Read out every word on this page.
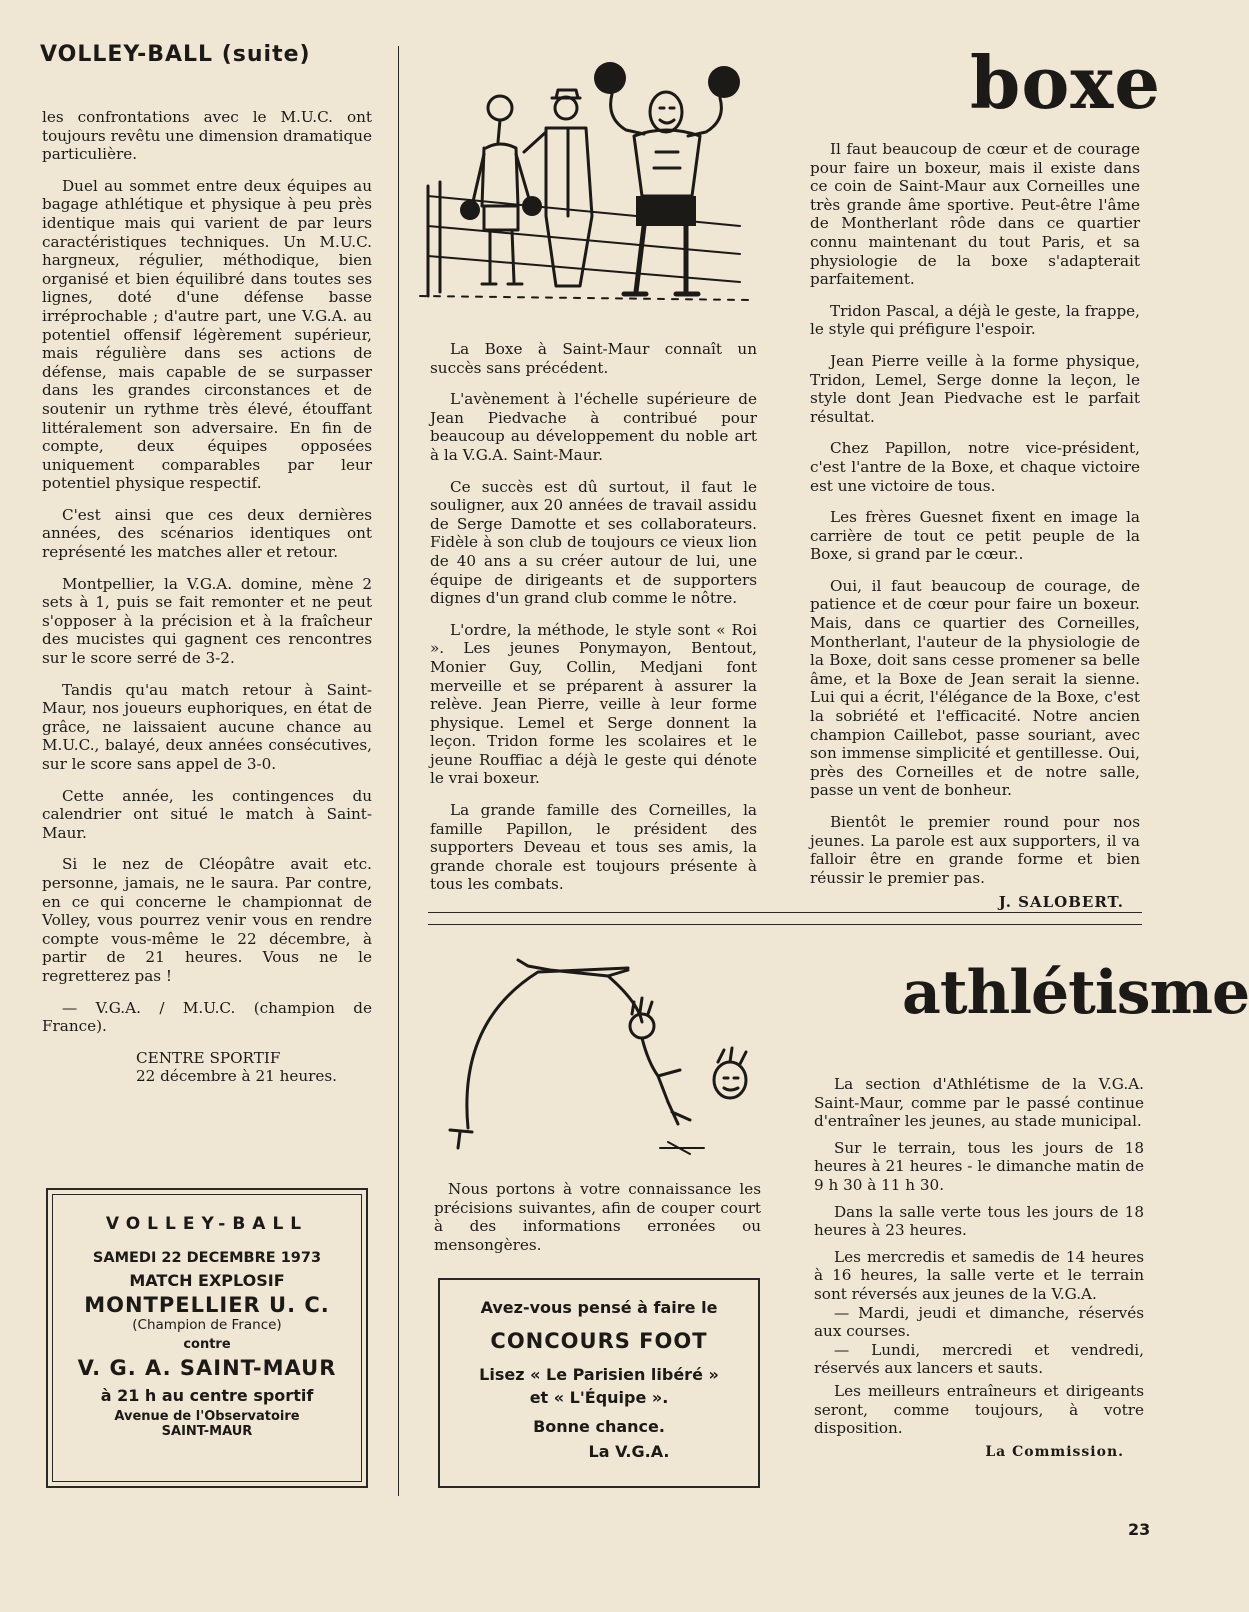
VOLLEY-BALL (suite)

les confrontations avec le M.U.C. ont toujours revêtu une dimension dramatique particulière.

Duel au sommet entre deux équipes au bagage athlétique et physique à peu près identique mais qui varient de par leurs caractéristiques techniques. Un M.U.C. hargneux, régulier, méthodique, bien organisé et bien équilibré dans toutes ses lignes, doté d'une défense basse irréprochable ; d'autre part, une V.G.A. au potentiel offensif légèrement supérieur, mais régulière dans ses actions de défense, mais capable de se surpasser dans les grandes circonstances et de soutenir un rythme très élevé, étouffant littéralement son adversaire. En fin de compte, deux équipes opposées uniquement comparables par leur potentiel physique respectif.

C'est ainsi que ces deux dernières années, des scénarios identiques ont représenté les matches aller et retour.

Montpellier, la V.G.A. domine, mène 2 sets à 1, puis se fait remonter et ne peut s'opposer à la précision et à la fraîcheur des mucistes qui gagnent ces rencontres sur le score serré de 3-2.

Tandis qu'au match retour à Saint-Maur, nos joueurs euphoriques, en état de grâce, ne laissaient aucune chance au M.U.C., balayé, deux années consécutives, sur le score sans appel de 3-0.

Cette année, les contingences du calendrier ont situé le match à Saint-Maur.

Si le nez de Cléopâtre avait etc. personne, jamais, ne le saura. Par contre, en ce qui concerne le championnat de Volley, vous pourrez venir vous en rendre compte vous-même le 22 décembre, à partir de 21 heures. Vous ne le regretterez pas !

— V.G.A. / M.U.C. (champion de France).

CENTRE SPORTIF
22 décembre à 21 heures.
VOLLEY-BALL
SAMEDI 22 DECEMBRE 1973
MATCH EXPLOSIF
MONTPELLIER U. C.
(Champion de France)
contre
V. G. A. SAINT-MAUR
à 21 h au centre sportif
Avenue de l'Observatoire
SAINT-MAUR
boxe

La Boxe à Saint-Maur connaît un succès sans précédent.

L'avènement à l'échelle supérieure de Jean Piedvache à contribué pour beaucoup au développement du noble art à la V.G.A. Saint-Maur.

Ce succès est dû surtout, il faut le souligner, aux 20 années de travail assidu de Serge Damotte et ses collaborateurs. Fidèle à son club de toujours ce vieux lion de 40 ans a su créer autour de lui, une équipe de dirigeants et de supporters dignes d'un grand club comme le nôtre.

L'ordre, la méthode, le style sont « Roi ». Les jeunes Ponymayon, Bentout, Monier Guy, Collin, Medjani font merveille et se préparent à assurer la relève. Jean Pierre, veille à leur forme physique. Lemel et Serge donnent la leçon. Tridon forme les scolaires et le jeune Rouffiac a déjà le geste qui dénote le vrai boxeur.

La grande famille des Corneilles, la famille Papillon, le président des supporters Deveau et tous ses amis, la grande chorale est toujours présente à tous les combats.

Il faut beaucoup de cœur et de courage pour faire un boxeur, mais il existe dans ce coin de Saint-Maur aux Corneilles une très grande âme sportive. Peut-être l'âme de Montherlant rôde dans ce quartier connu maintenant du tout Paris, et sa physiologie de la boxe s'adapterait parfaitement.

Tridon Pascal, a déjà le geste, la frappe, le style qui préfigure l'espoir.

Jean Pierre veille à la forme physique, Tridon, Lemel, Serge donne la leçon, le style dont Jean Piedvache est le parfait résultat.

Chez Papillon, notre vice-président, c'est l'antre de la Boxe, et chaque victoire est une victoire de tous.

Les frères Guesnet fixent en image la carrière de tout ce petit peuple de la Boxe, si grand par le cœur..

Oui, il faut beaucoup de courage, de patience et de cœur pour faire un boxeur. Mais, dans ce quartier des Corneilles, Montherlant, l'auteur de la physiologie de la Boxe, doit sans cesse promener sa belle âme, et la Boxe de Jean serait la sienne. Lui qui a écrit, l'élégance de la Boxe, c'est la sobriété et l'efficacité. Notre ancien champion Caillebot, passe souriant, avec son immense simplicité et gentillesse. Oui, près des Corneilles et de notre salle, passe un vent de bonheur.

Bientôt le premier round pour nos jeunes. La parole est aux supporters, il va falloir être en grande forme et bien réussir le premier pas.

J. SALOBERT.
athlétisme

Nous portons à votre connaissance les précisions suivantes, afin de couper court à des informations erronées ou mensongères.

Avez-vous pensé à faire le
CONCOURS FOOT
Lisez « Le Parisien libéré »
et « L'Équipe ».
Bonne chance.
La V.G.A.

La section d'Athlétisme de la V.G.A. Saint-Maur, comme par le passé continue d'entraîner les jeunes, au stade municipal.

Sur le terrain, tous les jours de 18 heures à 21 heures - le dimanche matin de 9 h 30 à 11 h 30.

Dans la salle verte tous les jours de 18 heures à 23 heures.

Les mercredis et samedis de 14 heures à 16 heures, la salle verte et le terrain sont réversés aux jeunes de la V.G.A.

— Mardi, jeudi et dimanche, réservés aux courses.

— Lundi, mercredi et vendredi, réservés aux lancers et sauts.

Les meilleurs entraîneurs et dirigeants seront, comme toujours, à votre disposition.

La Commission.
23
